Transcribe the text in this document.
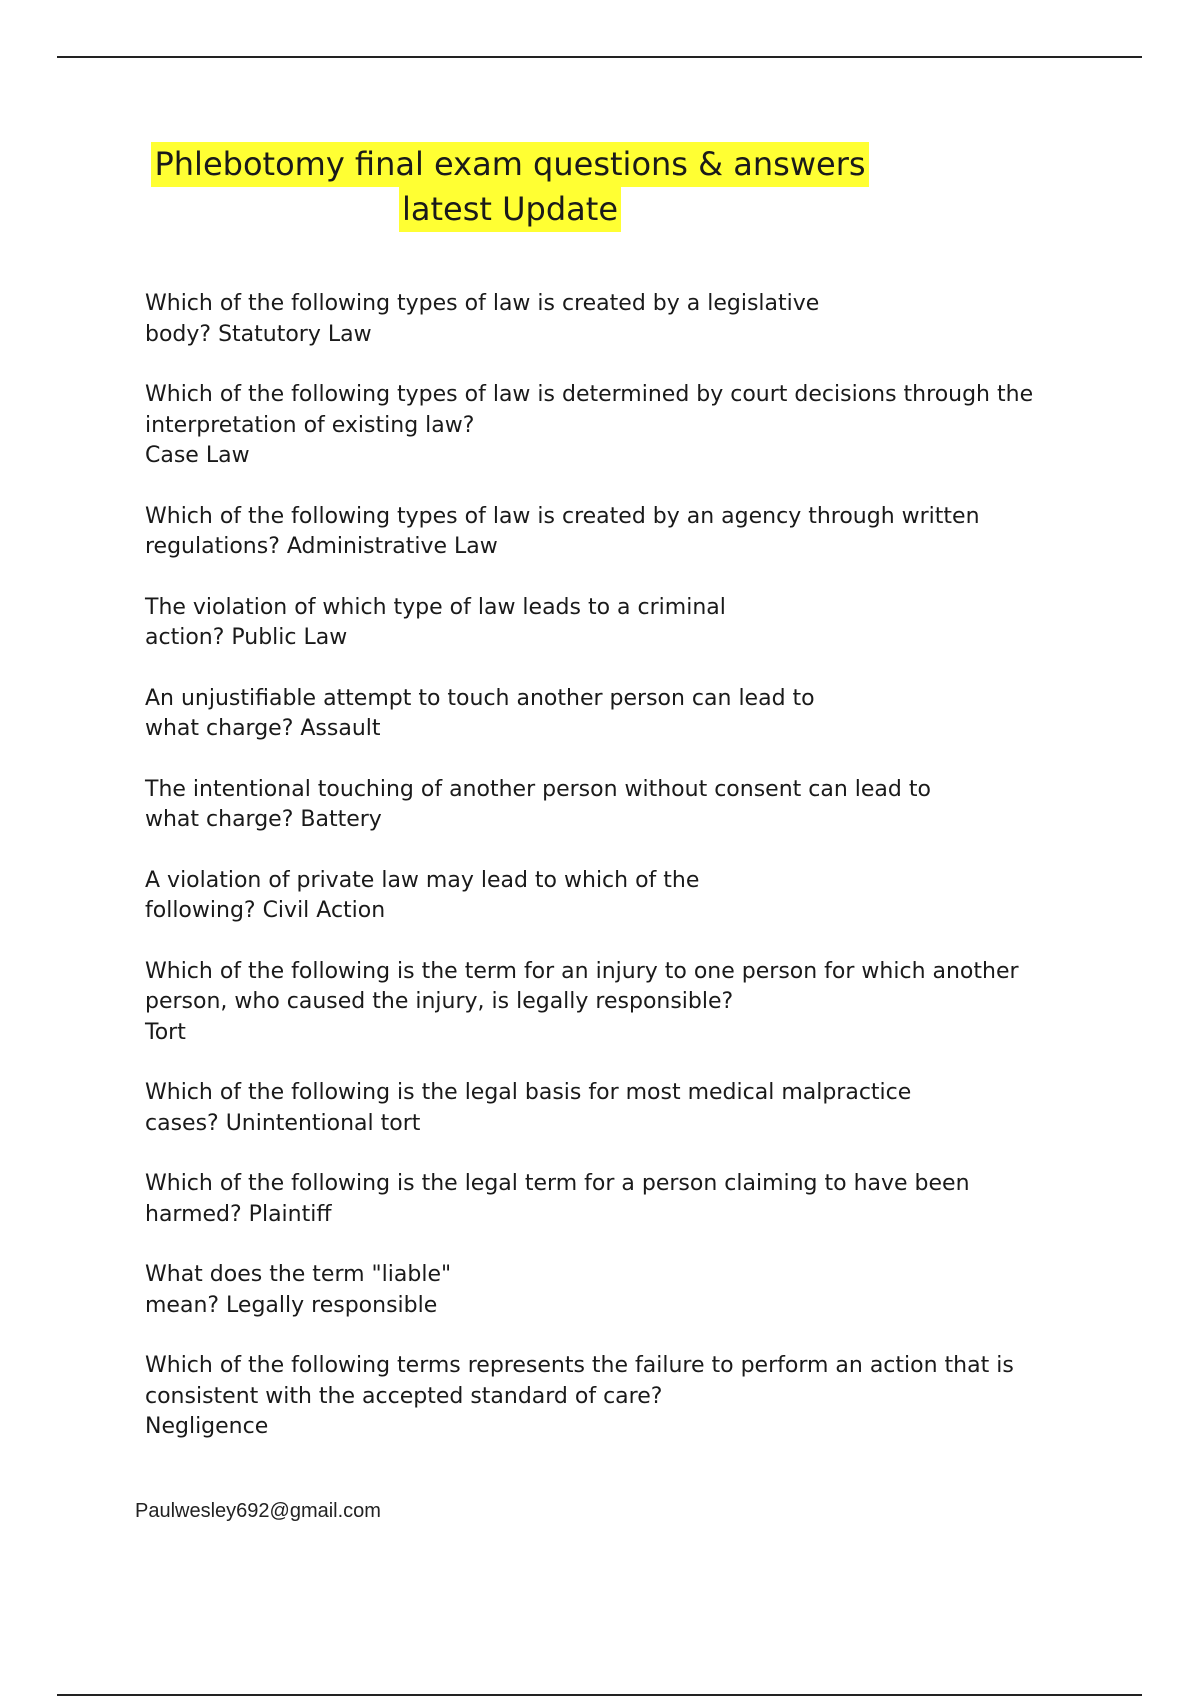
Phlebotomy final exam questions & answers
latest Update
Which of the following types of law is created by a legislative
body? Statutory Law
Which of the following types of law is determined by court decisions through the
interpretation of existing law?
Case Law
Which of the following types of law is created by an agency through written
regulations? Administrative Law
The violation of which type of law leads to a criminal
action? Public Law
An unjustifiable attempt to touch another person can lead to
what charge? Assault
The intentional touching of another person without consent can lead to
what charge? Battery
A violation of private law may lead to which of the
following? Civil Action
Which of the following is the term for an injury to one person for which another
person, who caused the injury, is legally responsible?
Tort
Which of the following is the legal basis for most medical malpractice
cases? Unintentional tort
Which of the following is the legal term for a person claiming to have been
harmed? Plaintiff
What does the term "liable"
mean? Legally responsible
Which of the following terms represents the failure to perform an action that is
consistent with the accepted standard of care?
Negligence
Paulwesley692@gmail.com
